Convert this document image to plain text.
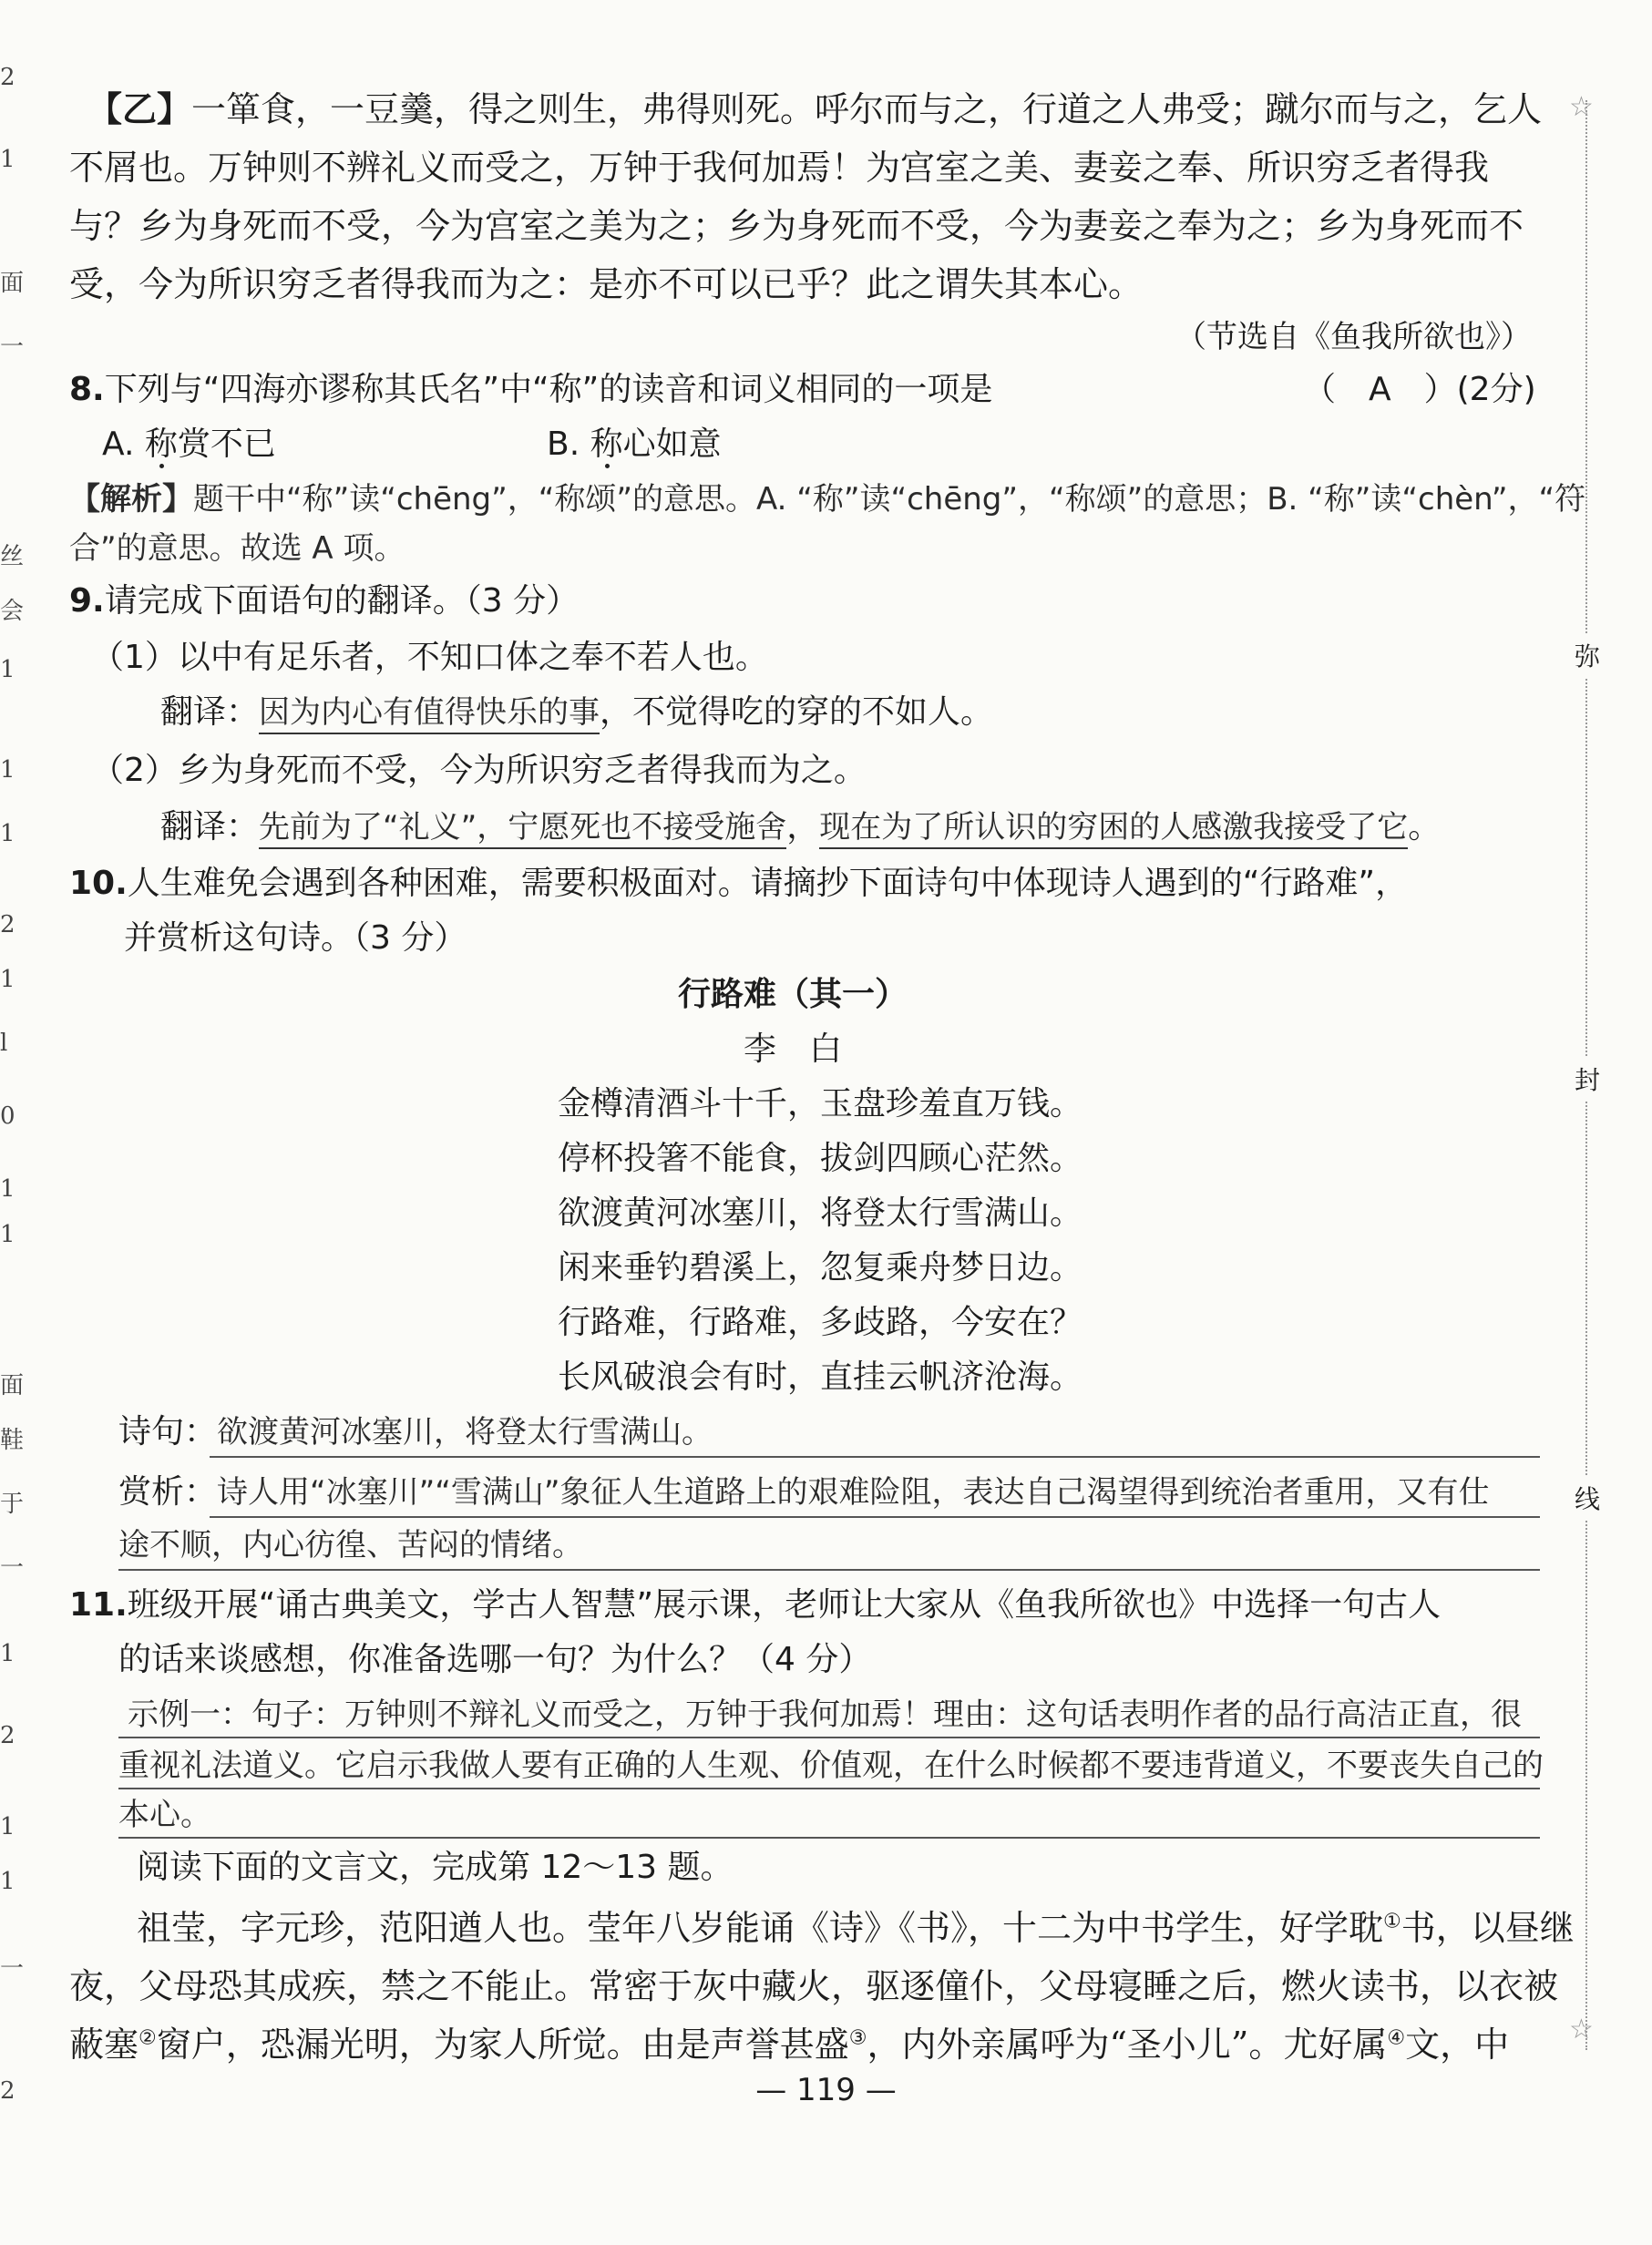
2
1
面
一
丝
会
1
1
1
2
1
l
0
1
1
面
鞋
于
一
1
2
1
1
一
2
☆
弥
封
线
☆
【乙】一箪食，一豆羹，得之则生，弗得则死。呼尔而与之，行道之人弗受；蹴尔而与之，乞人
不屑也。万钟则不辨礼义而受之，万钟于我何加焉！为宫室之美、妻妾之奉、所识穷乏者得我
与？乡为身死而不受，今为宫室之美为之；乡为身死而不受，今为妻妾之奉为之；乡为身死而不
受，今为所识穷乏者得我而为之：是亦不可以已乎？此之谓失其本心。
（节选自《鱼我所欲也》）
8.下列与“四海亦谬称其氏名”中“称”的读音和词义相同的一项是	（　A　）(2分)
A. 称赏不已	B. 称心如意
【解析】题干中“称”读“chēng”，“称颂”的意思。A. “称”读“chēng”，“称颂”的意思；B. “称”读“chèn”，“符
合”的意思。故选 A 项。
9.请完成下面语句的翻译。（3 分）
（1）以中有足乐者，不知口体之奉不若人也。
翻译：因为内心有值得快乐的事，不觉得吃的穿的不如人。
（2）乡为身死而不受，今为所识穷乏者得我而为之。
翻译：先前为了“礼义”，宁愿死也不接受施舍，现在为了所认识的穷困的人感激我接受了它。
10.人生难免会遇到各种困难，需要积极面对。请摘抄下面诗句中体现诗人遇到的“行路难”，
并赏析这句诗。（3 分）
行路难（其一）
李　白
金樽清酒斗十千，玉盘珍羞直万钱。
停杯投箸不能食，拔剑四顾心茫然。
欲渡黄河冰塞川，将登太行雪满山。
闲来垂钓碧溪上，忽复乘舟梦日边。
行路难，行路难，多歧路，今安在？
长风破浪会有时，直挂云帆济沧海。
诗句：欲渡黄河冰塞川，将登太行雪满山。
赏析：诗人用“冰塞川”“雪满山”象征人生道路上的艰难险阻，表达自己渴望得到统治者重用，又有仕
途不顺，内心彷徨、苦闷的情绪。
11.班级开展“诵古典美文，学古人智慧”展示课，老师让大家从《鱼我所欲也》中选择一句古人
的话来谈感想，你准备选哪一句？为什么？（4 分）
示例一：句子：万钟则不辩礼义而受之，万钟于我何加焉！理由：这句话表明作者的品行高洁正直，很
重视礼法道义。它启示我做人要有正确的人生观、价值观，在什么时候都不要违背道义，不要丧失自己的
本心。
阅读下面的文言文，完成第 12～13 题。
祖莹，字元珍，范阳遒人也。莹年八岁能诵《诗》《书》，十二为中书学生，好学耽①书，以昼继
夜，父母恐其成疾，禁之不能止。常密于灰中藏火，驱逐僮仆，父母寝睡之后，燃火读书，以衣被
蔽塞②窗户，恐漏光明，为家人所觉。由是声誉甚盛③，内外亲属呼为“圣小儿”。尤好属④文，中
— 119 —
